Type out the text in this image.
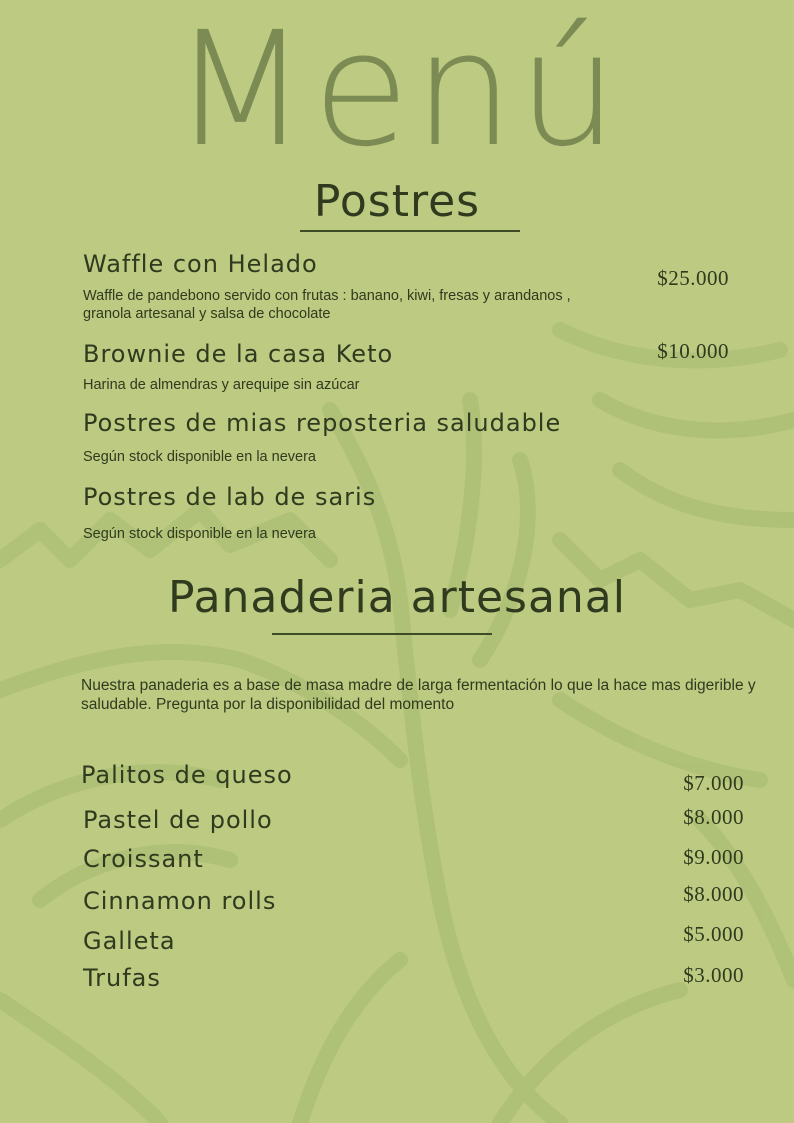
Menú
Postres
Waffle con Helado
Waffle de pandebono servido con frutas : banano, kiwi, fresas y arandanos , granola artesanal y salsa de chocolate
$25.000
Brownie de la casa Keto
Harina de almendras y arequipe sin azúcar
$10.000
Postres de mias reposteria saludable
Según stock disponible en la nevera
Postres de lab de saris
Según stock disponible en la nevera
Panaderia artesanal

Nuestra panaderia es a base de masa madre de larga fermentación lo que la hace mas digerible y saludable. Pregunta por la disponibilidad del momento

Palitos de queso	$7.000
Pastel de pollo	$8.000
Croissant	$9.000
Cinnamon rolls	$8.000
Galleta	$5.000
Trufas	$3.000
